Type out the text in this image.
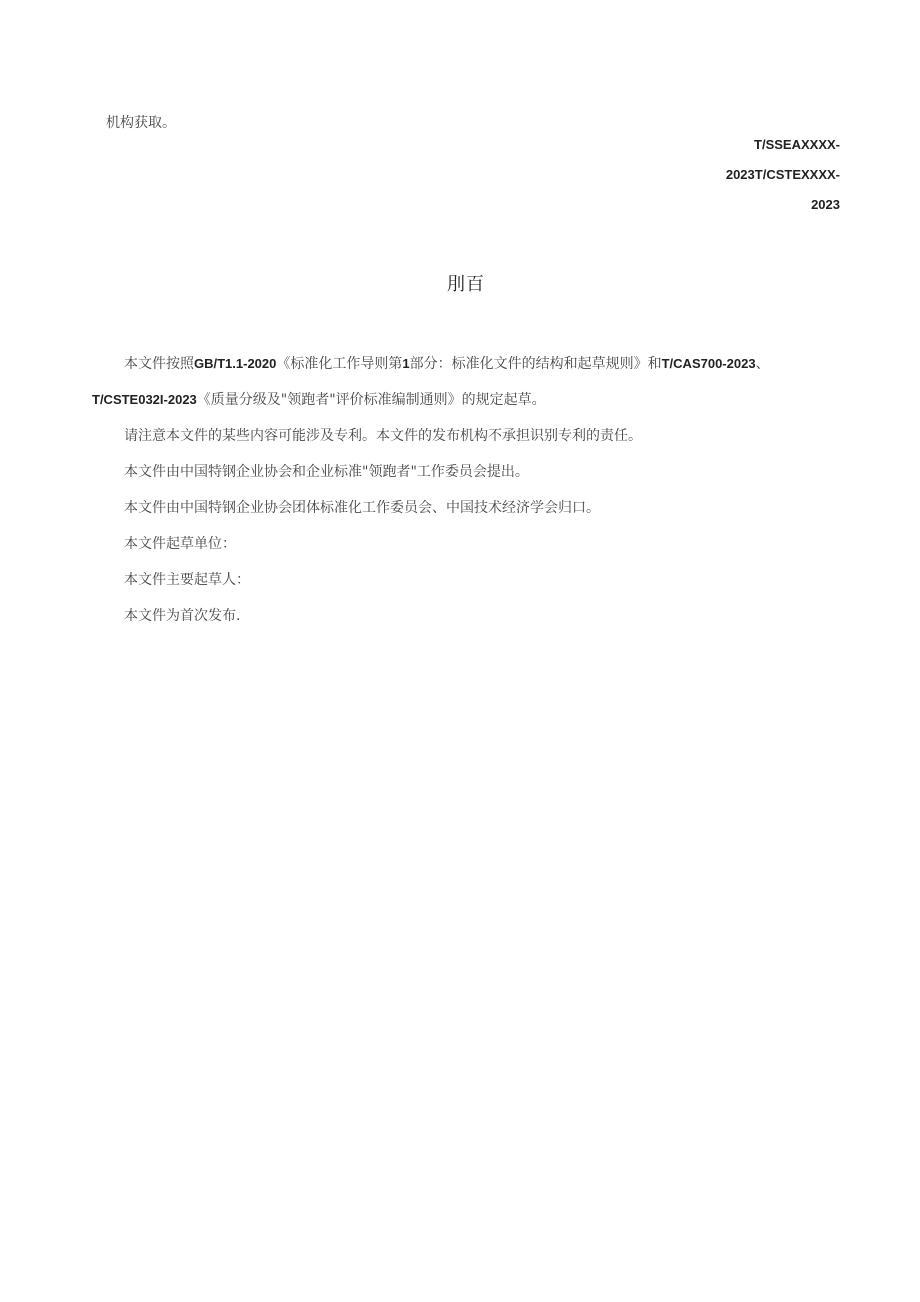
机构获取。
T/SSEAXXXX-
2023T/CSTEXXXX-
2023
刖百

本文件按照GB/T1.1-2020《标准化工作导则第1部分：标准化文件的结构和起草规则》和T/CAS700-2023、
T/CSTE032I-2023《质量分级及"领跑者"评价标准编制通则》的规定起草。

请注意本文件的某些内容可能涉及专利。本文件的发布机构不承担识别专利的责任。

本文件由中国特钢企业协会和企业标准"领跑者"工作委员会提出。

本文件由中国特钢企业协会团体标准化工作委员会、中国技术经济学会归口。

本文件起草单位：

本文件主要起草人：

本文件为首次发布.
